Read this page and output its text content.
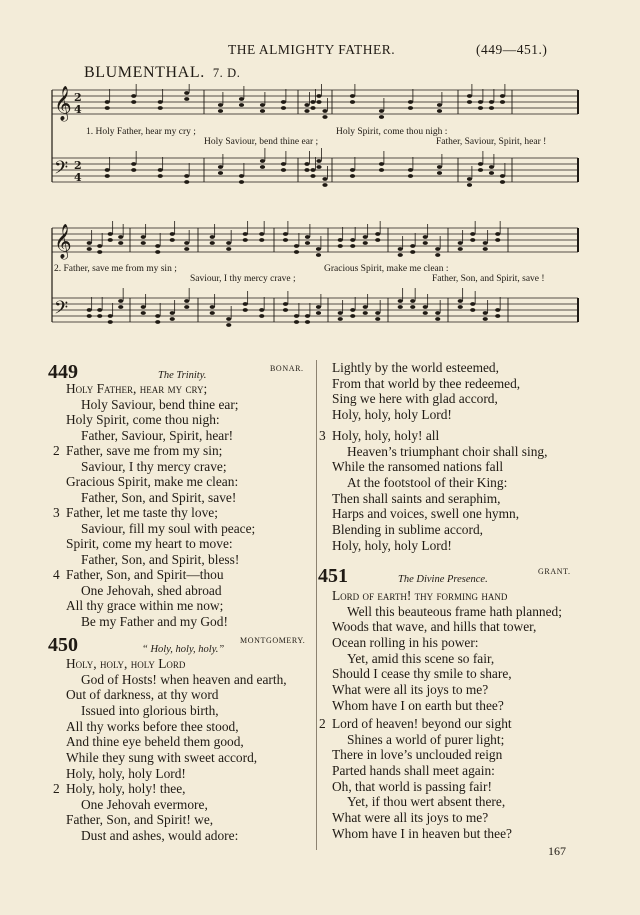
THE ALMIGHTY FATHER.	(449—451.)
BLUMENTHAL. 7. D.
𝄞
𝄢
2
4
2
4
1. Holy Father, hear my cry ;	Holy Spirit, come thou nigh :
Holy Saviour, bend thine ear ;	Father, Saviour, Spirit, hear !
𝄞
𝄢
2. Father, save me from my sin ;	Gracious Spirit, make me clean :
Saviour, I thy mercy crave ;	Father, Son, and Spirit, save !
449	The Trinity.
BONAR.
Holy Father, hear my cry;
Holy Saviour, bend thine ear;
Holy Spirit, come thou nigh:
Father, Saviour, Spirit, hear!
2 Father, save me from my sin;
Saviour, I thy mercy crave;
Gracious Spirit, make me clean:
Father, Son, and Spirit, save!
3 Father, let me taste thy love;
Saviour, fill my soul with peace;
Spirit, come my heart to move:
Father, Son, and Spirit, bless!
4 Father, Son, and Spirit—thou
One Jehovah, shed abroad
All thy grace within me now;
Be my Father and my God!
450	“ Holy, holy, holy.”
MONTGOMERY.
Holy, holy, holy Lord
God of Hosts! when heaven and earth,
Out of darkness, at thy word
Issued into glorious birth,
All thy works before thee stood,
And thine eye beheld them good,
While they sung with sweet accord,
Holy, holy, holy Lord!
2 Holy, holy, holy! thee,
One Jehovah evermore,
Father, Son, and Spirit! we,
Dust and ashes, would adore:
Lightly by the world esteemed,
From that world by thee redeemed,
Sing we here with glad accord,
Holy, holy, holy Lord!
3 Holy, holy, holy! all
Heaven’s triumphant choir shall sing,
While the ransomed nations fall
At the footstool of their King:
Then shall saints and seraphim,
Harps and voices, swell one hymn,
Blending in sublime accord,
Holy, holy, holy Lord!
451	The Divine Presence.
GRANT.
Lord of earth! thy forming hand
Well this beauteous frame hath planned;
Woods that wave, and hills that tower,
Ocean rolling in his power:
Yet, amid this scene so fair,
Should I cease thy smile to share,
What were all its joys to me?
Whom have I on earth but thee?
2 Lord of heaven! beyond our sight
Shines a world of purer light;
There in love’s unclouded reign
Parted hands shall meet again:
Oh, that world is passing fair!
Yet, if thou wert absent there,
What were all its joys to me?
Whom have I in heaven but thee?
167
